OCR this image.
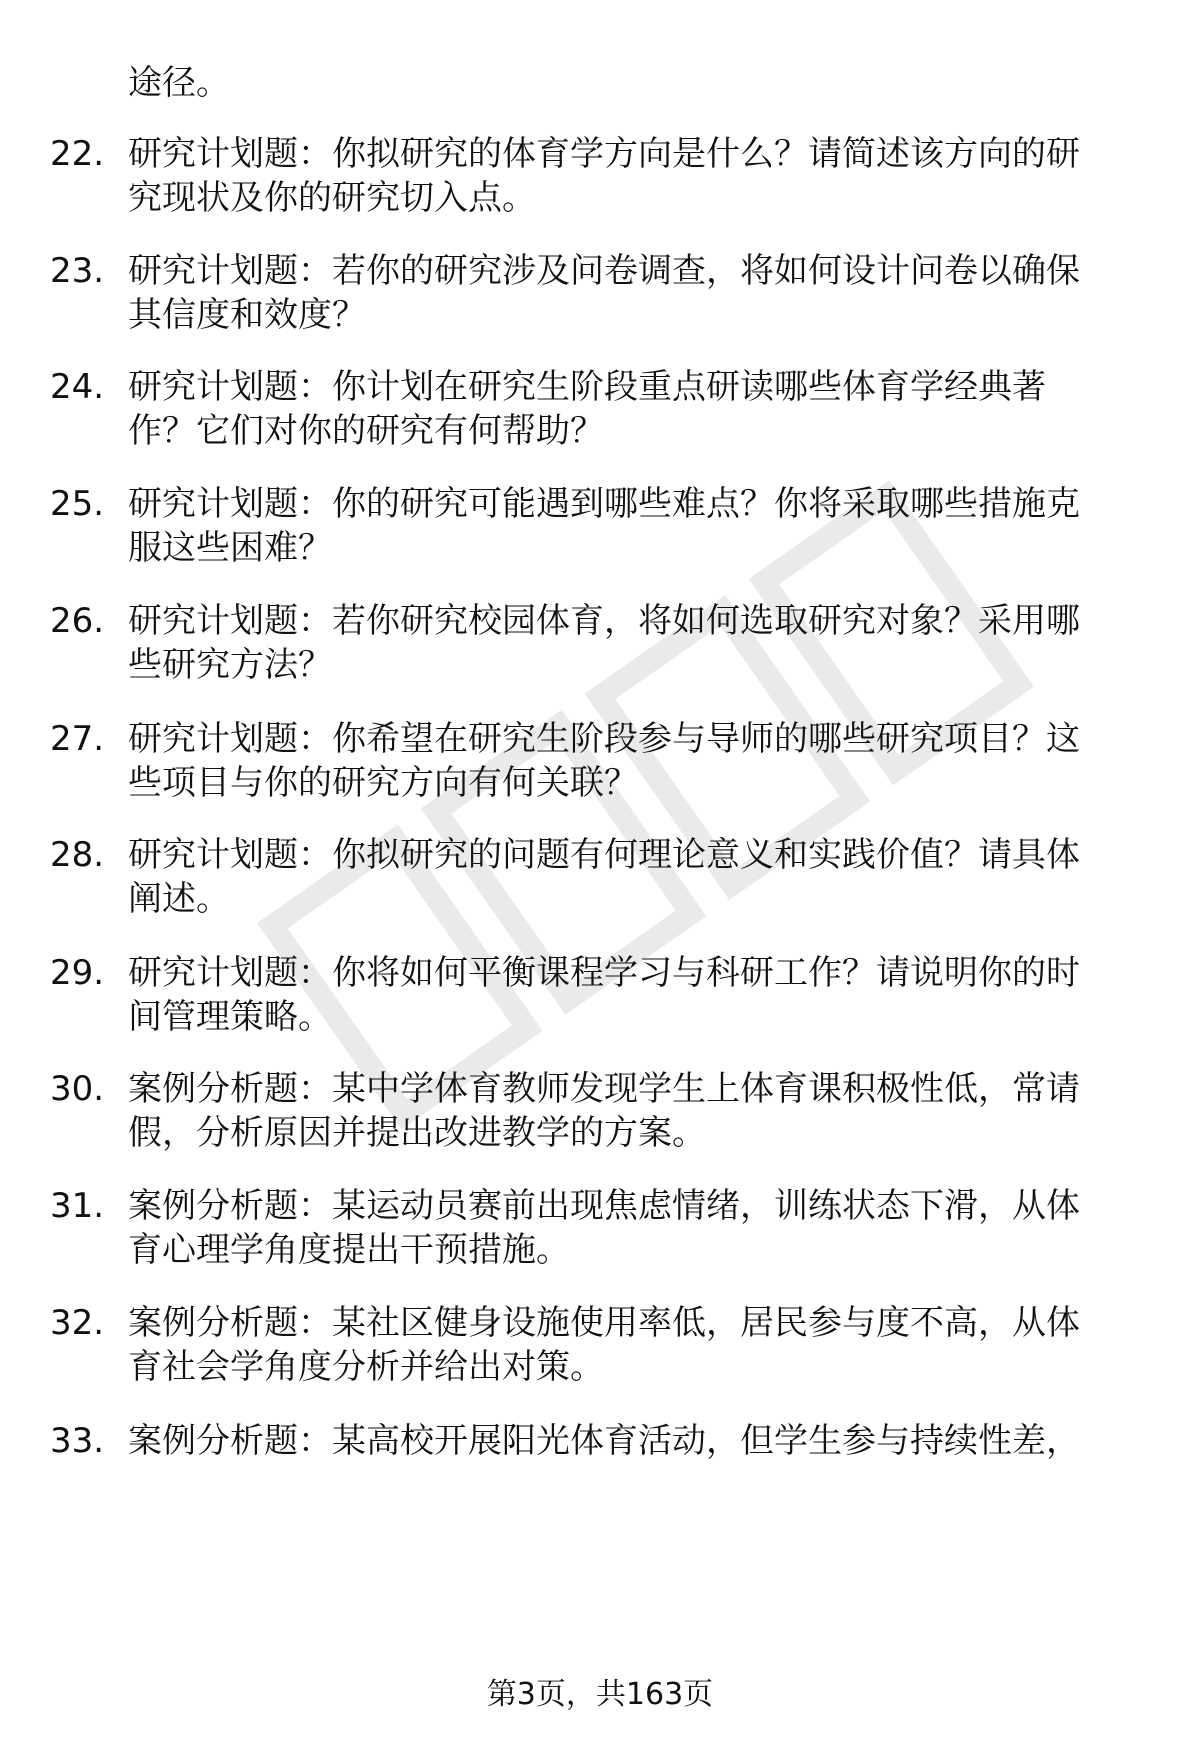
途径。
22. 研究计划题：你拟研究的体育学方向是什么？请简述该方向的研
究现状及你的研究切入点。
23. 研究计划题：若你的研究涉及问卷调查，将如何设计问卷以确保
其信度和效度？
24. 研究计划题：你计划在研究生阶段重点研读哪些体育学经典著
作？它们对你的研究有何帮助？
25. 研究计划题：你的研究可能遇到哪些难点？你将采取哪些措施克
服这些困难？
26. 研究计划题：若你研究校园体育，将如何选取研究对象？采用哪
些研究方法？
27. 研究计划题：你希望在研究生阶段参与导师的哪些研究项目？这
些项目与你的研究方向有何关联？
28. 研究计划题：你拟研究的问题有何理论意义和实践价值？请具体
阐述。
29. 研究计划题：你将如何平衡课程学习与科研工作？请说明你的时
间管理策略。
30. 案例分析题：某中学体育教师发现学生上体育课积极性低，常请
假，分析原因并提出改进教学的方案。
31. 案例分析题：某运动员赛前出现焦虑情绪，训练状态下滑，从体
育心理学角度提出干预措施。
32. 案例分析题：某社区健身设施使用率低，居民参与度不高，从体
育社会学角度分析并给出对策。
33. 案例分析题：某高校开展阳光体育活动，但学生参与持续性差，
第3页，共163页
